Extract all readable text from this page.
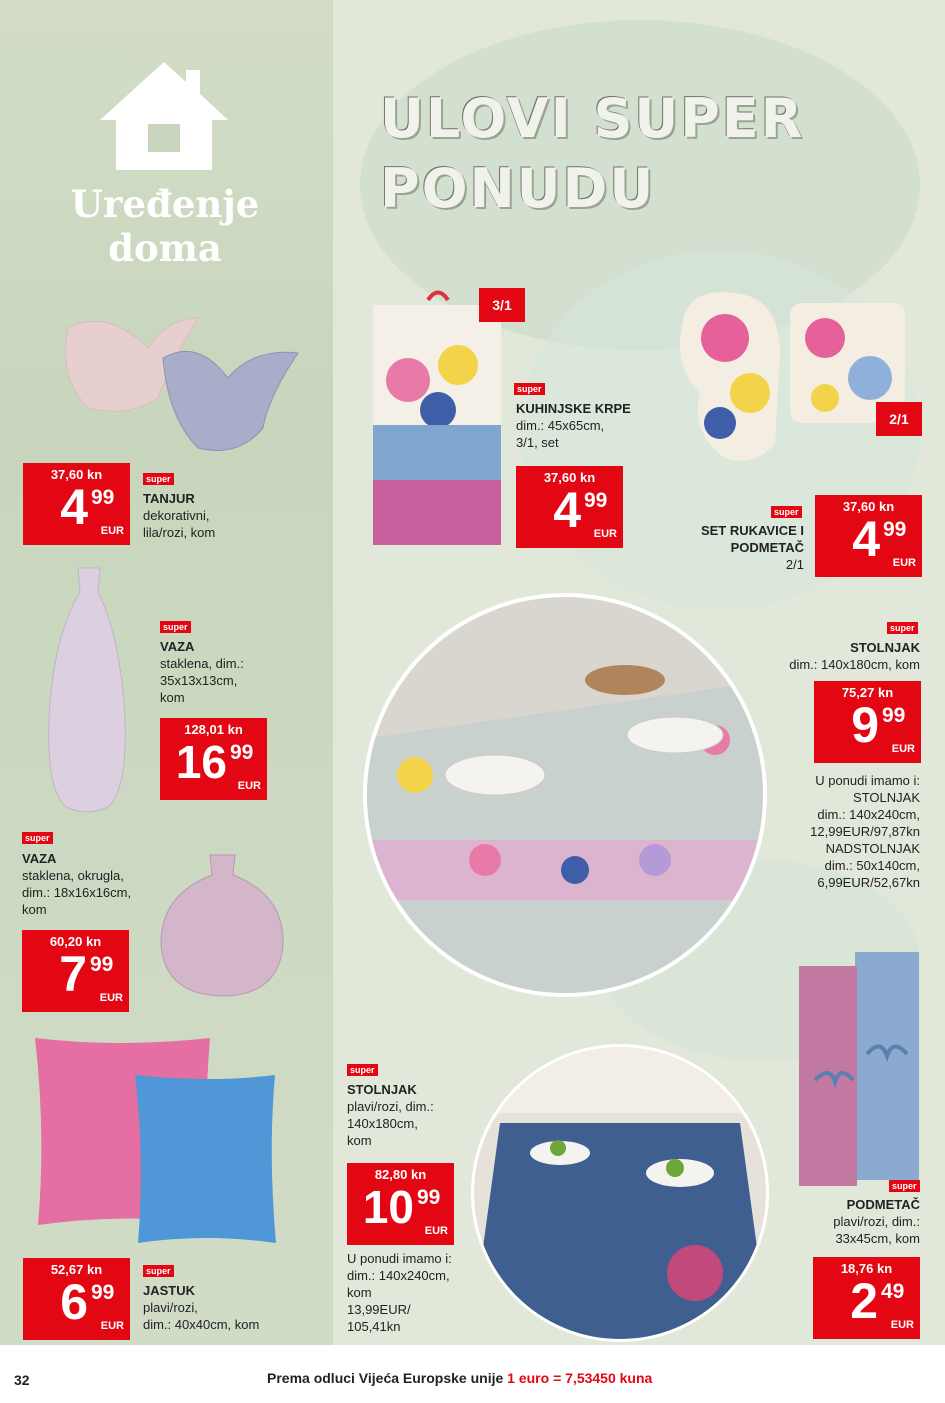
Uređenje
doma
ULOVI SUPER
PONUDU
37,60 kn
4 99
EUR
super
TANJUR
dekorativni,
lila/rozi, kom
3/1
super
KUHINJSKE KRPE
dim.: 45x65cm,
3/1, set
37,60 kn
4 99
EUR
2/1
super
SET RUKAVICE I
PODMETAČ
2/1
37,60 kn
4 99
EUR
super
VAZA
staklena, dim.:
35x13x13cm,
kom
128,01 kn
16 99
EUR
super
STOLNJAK
dim.: 140x180cm, kom
75,27 kn
9 99
EUR
U ponudi imamo i:
STOLNJAK
dim.: 140x240cm,
12,99EUR/97,87kn
NADSTOLNJAK
dim.: 50x140cm,
6,99EUR/52,67kn
super
VAZA
staklena, okrugla,
dim.: 18x16x16cm,
kom
60,20 kn
7 99
EUR
52,67 kn
6 99
EUR
super
JASTUK
plavi/rozi,
dim.: 40x40cm, kom
super
STOLNJAK
plavi/rozi, dim.:
140x180cm,
kom
82,80 kn
10 99
EUR
U ponudi imamo i:
dim.: 140x240cm,
kom
13,99EUR/
105,41kn
super
PODMETAČ
plavi/rozi, dim.:
33x45cm, kom
18,76 kn
2 49
EUR
32	Prema odluci Vijeća Europske unije 1 euro = 7,53450 kuna
